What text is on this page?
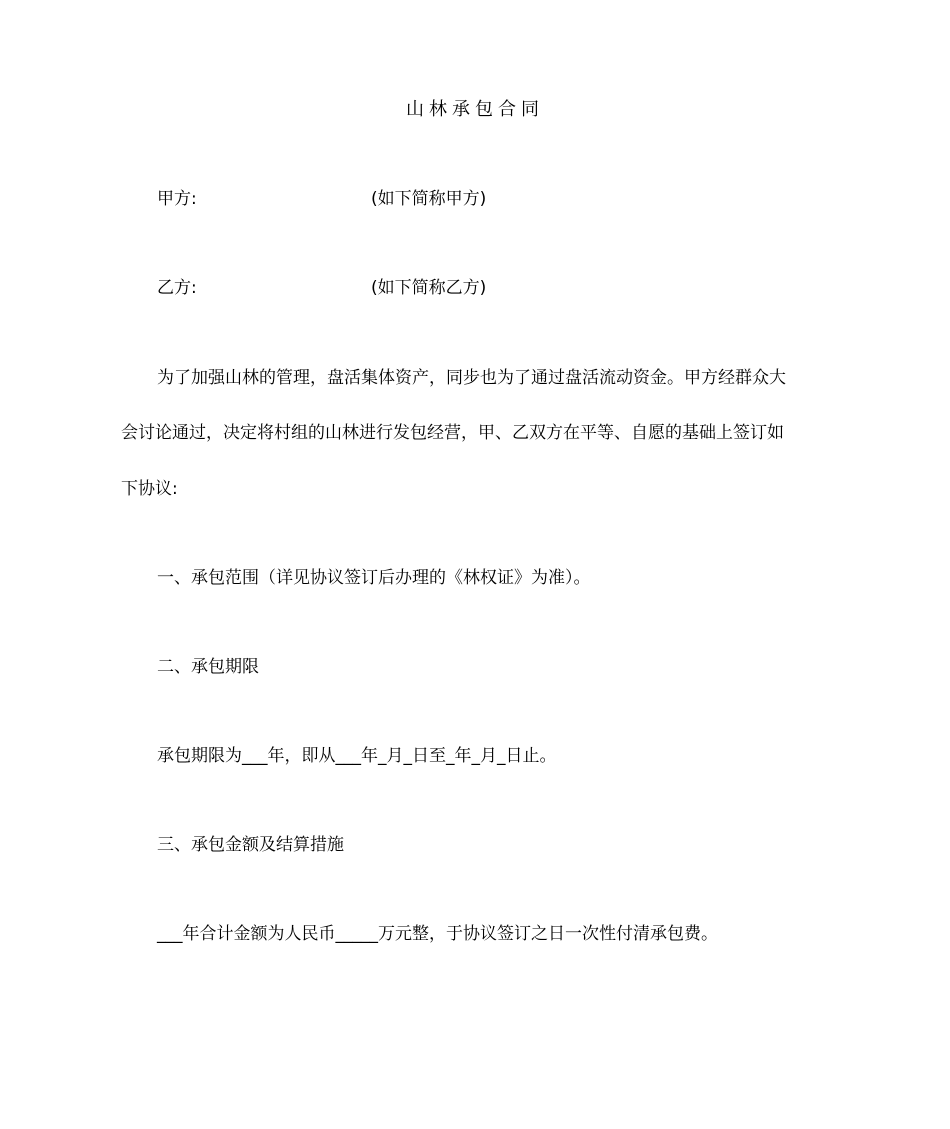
山林承包合同
甲方:	(如下简称甲方)
乙方:	(如下简称乙方)
为了加强山林的管理，盘活集体资产，同步也为了通过盘活流动资金。甲方经群众大
会讨论通过，决定将村组的山林进行发包经营，甲、乙双方在平等、自愿的基础上签订如
下协议:
一、承包范围（详见协议签订后办理的《林权证》为准）。
二、承包期限
承包期限为___年，即从___年_月_日至_年_月_日止。
三、承包金额及结算措施
___年合计金额为人民币_____万元整，于协议签订之日一次性付清承包费。
